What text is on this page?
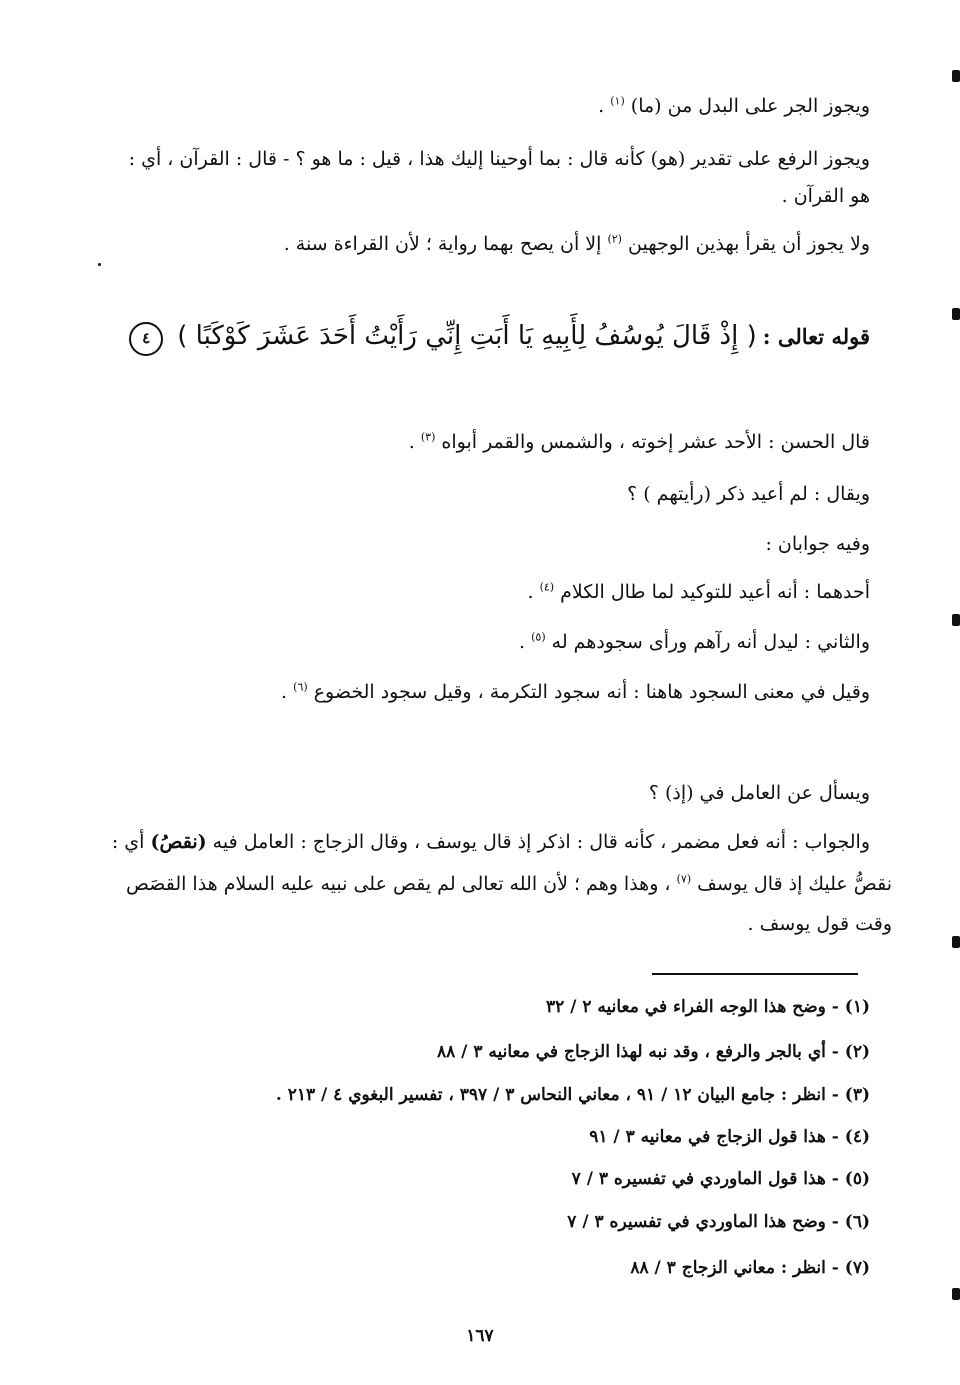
ويجوز الجر على البدل من (ما) $^{(١)}$ .
ويجوز الرفع على تقدير (هو) كأنه قال : بما أوحينا إليك هذا ، قيل : ما هو ؟ - قال : القرآن ، أي :
هو القرآن .
ولا يجوز أن يقرأ بهذين الوجهين $^{(٢)}$ إلا أن يصح بهما رواية ؛ لأن القراءة سنة .
قوله تعالى : ( إِذْ قَالَ يُوسُفُ لِأَبِيهِ يَا أَبَتِ إِنِّي رَأَيْتُ أَحَدَ عَشَرَ كَوْكَبًا ) ٤
قال الحسن : الأحد عشر إخوته ، والشمس والقمر أبواه $^{(٣)}$ .
ويقال : لم أعيد ذكر (رأيتهم ) ؟
وفيه جوابان :
أحدهما : أنه أعيد للتوكيد لما طال الكلام $^{(٤)}$ .
والثاني : ليدل أنه رآهم ورأى سجودهم له $^{(٥)}$ .
وقيل في معنى السجود هاهنا : أنه سجود التكرمة ، وقيل سجود الخضوع $^{(٦)}$ .
ويسأل عن العامل في (إذ) ؟
والجواب : أنه فعل مضمر ، كأنه قال : اذكر إذ قال يوسف ، وقال الزجاج : العامل فيه (نقصُ) أي :
نقصُّ عليك إذ قال يوسف $^{(٧)}$ ، وهذا وهم ؛ لأن الله تعالى لم يقص على نبيه عليه السلام هذا القصَص
وقت قول يوسف .
(١) - وضح هذا الوجه الفراء في معانيه ٢ / ٣٢
(٢) - أي بالجر والرفع ، وقد نبه لهذا الزجاج في معانيه ٣ / ٨٨
(٣) - انظر : جامع البيان ١٢ / ٩١ ، معاني النحاس ٣ / ٣٩٧ ، تفسير البغوي ٤ / ٢١٣ .
(٤) - هذا قول الزجاج في معانيه ٣ / ٩١
(٥) - هذا قول الماوردي في تفسيره ٣ / ٧
(٦) - وضح هذا الماوردي في تفسيره ٣ / ٧
(٧) - انظر : معاني الزجاج ٣ / ٨٨
١٦٧
